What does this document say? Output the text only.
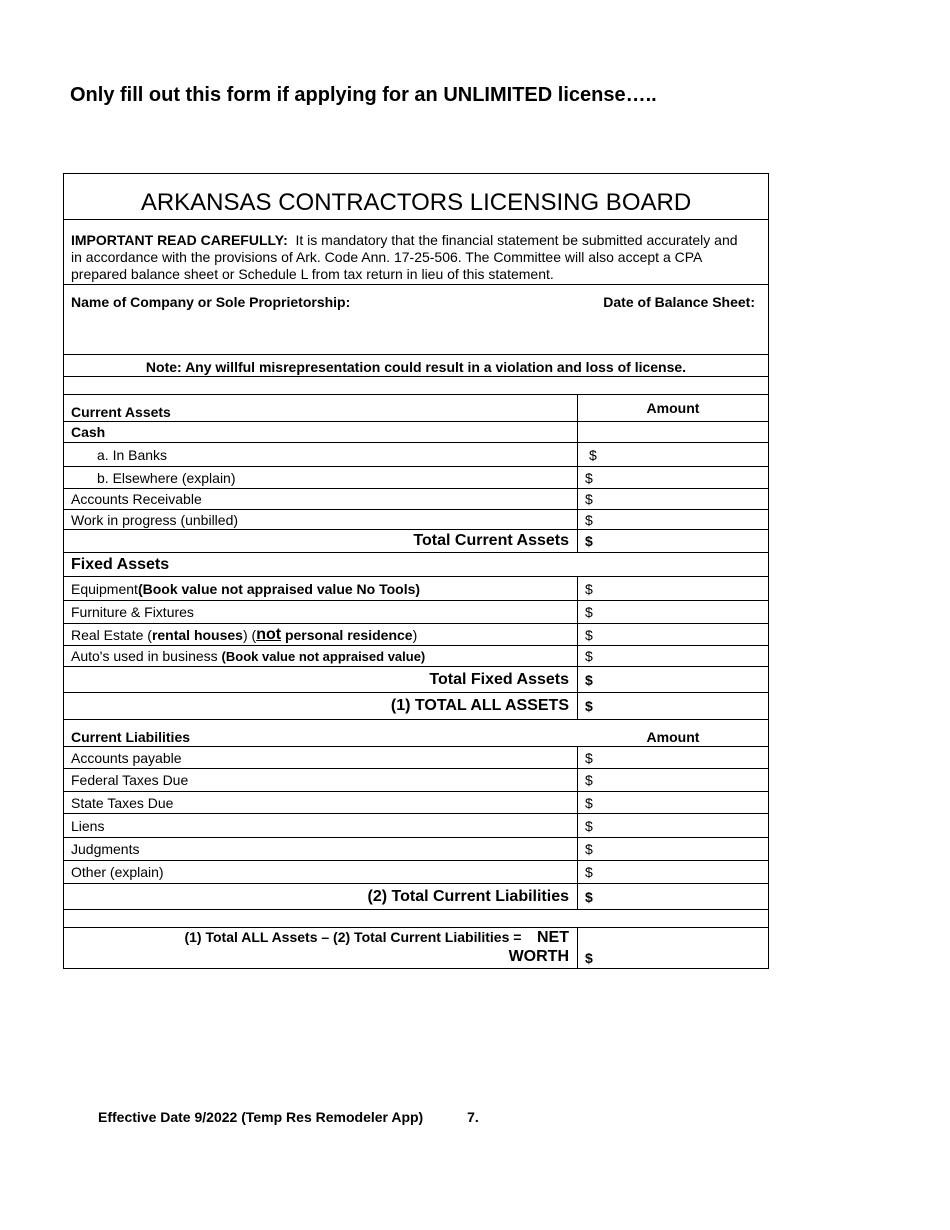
Only fill out this form if applying for an UNLIMITED license…..
ARKANSAS CONTRACTORS LICENSING BOARD
IMPORTANT READ CAREFULLY: It is mandatory that the financial statement be submitted accurately and in accordance with the provisions of Ark. Code Ann. 17-25-506. The Committee will also accept a CPA prepared balance sheet or Schedule L from tax return in lieu of this statement.
Name of Company or Sole Proprietorship:	Date of Balance Sheet:
Note: Any willful misrepresentation could result in a violation and loss of license.
Current Assets	Amount
Cash
a. In Banks	$
b. Elsewhere (explain)	$
Accounts Receivable	$
Work in progress (unbilled)	$
Total Current Assets	$
Fixed Assets
Equipment (Book value not appraised value No Tools)	$
Furniture & Fixtures	$
Real Estate ( rental houses ) ( not personal residence )	$
Auto's used in business (Book value not appraised value)	$
Total Fixed Assets	$
(1) TOTAL ALL ASSETS	$
Current Liabilities	Amount
Accounts payable	$
Federal Taxes Due	$
State Taxes Due	$
Liens	$
Judgments	$
Other (explain)	$
(2) Total Current Liabilities	$
(1) Total ALL Assets – (2) Total Current Liabilities = NET
WORTH	$
Effective Date 9/2022 (Temp Res Remodeler App)	7.
